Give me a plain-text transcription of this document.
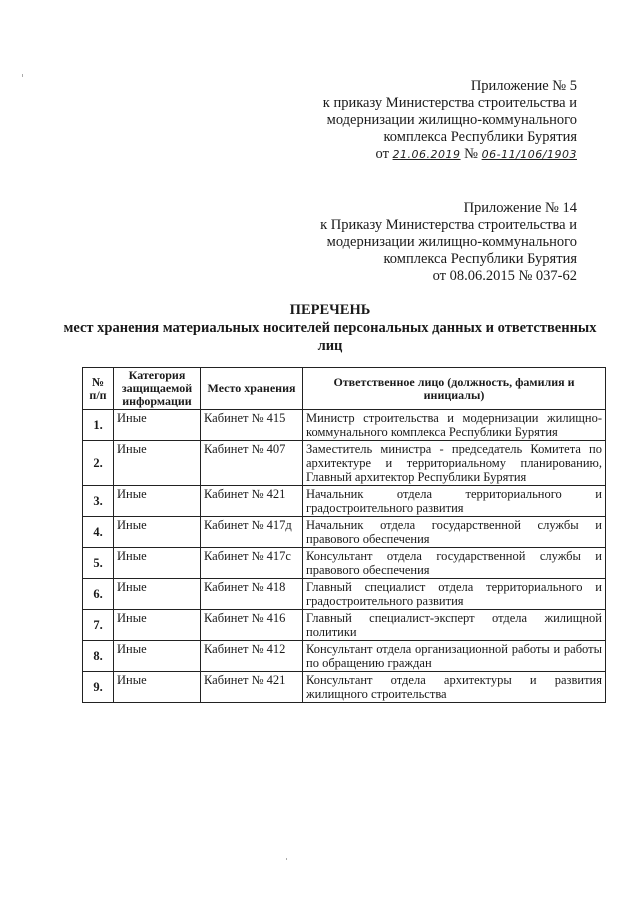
Приложение № 5
к приказу Министерства строительства и
модернизации жилищно-коммунального
комплекса Республики Бурятия
от 21.06.2019 № 06-11/106/1903
Приложение № 14
к Приказу Министерства строительства и
модернизации жилищно-коммунального
комплекса Республики Бурятия
от 08.06.2015 № 037-62
ПЕРЕЧЕНЬ
мест хранения материальных носителей персональных данных и ответственных лиц
№ п/п	Категория защищаемой информации	Место хранения	Ответственное лицо (должность, фамилия и инициалы)
1.	Иные	Кабинет № 415	Министр строительства и модернизации жилищно-коммунального комплекса Республики Бурятия
2.	Иные	Кабинет № 407	Заместитель министра - председатель Комитета по архитектуре и территориальному планированию, Главный архитектор Республики Бурятия
3.	Иные	Кабинет № 421	Начальник отдела территориального и градостроительного развития
4.	Иные	Кабинет № 417д	Начальник отдела государственной службы и правового обеспечения
5.	Иные	Кабинет № 417с	Консультант отдела государственной службы и правового обеспечения
6.	Иные	Кабинет № 418	Главный специалист отдела территориального и градостроительного развития
7.	Иные	Кабинет № 416	Главный специалист-эксперт отдела жилищной политики
8.	Иные	Кабинет № 412	Консультант отдела организационной работы и работы по обращению граждан
9.	Иные	Кабинет № 421	Консультант отдела архитектуры и развития жилищного строительства
